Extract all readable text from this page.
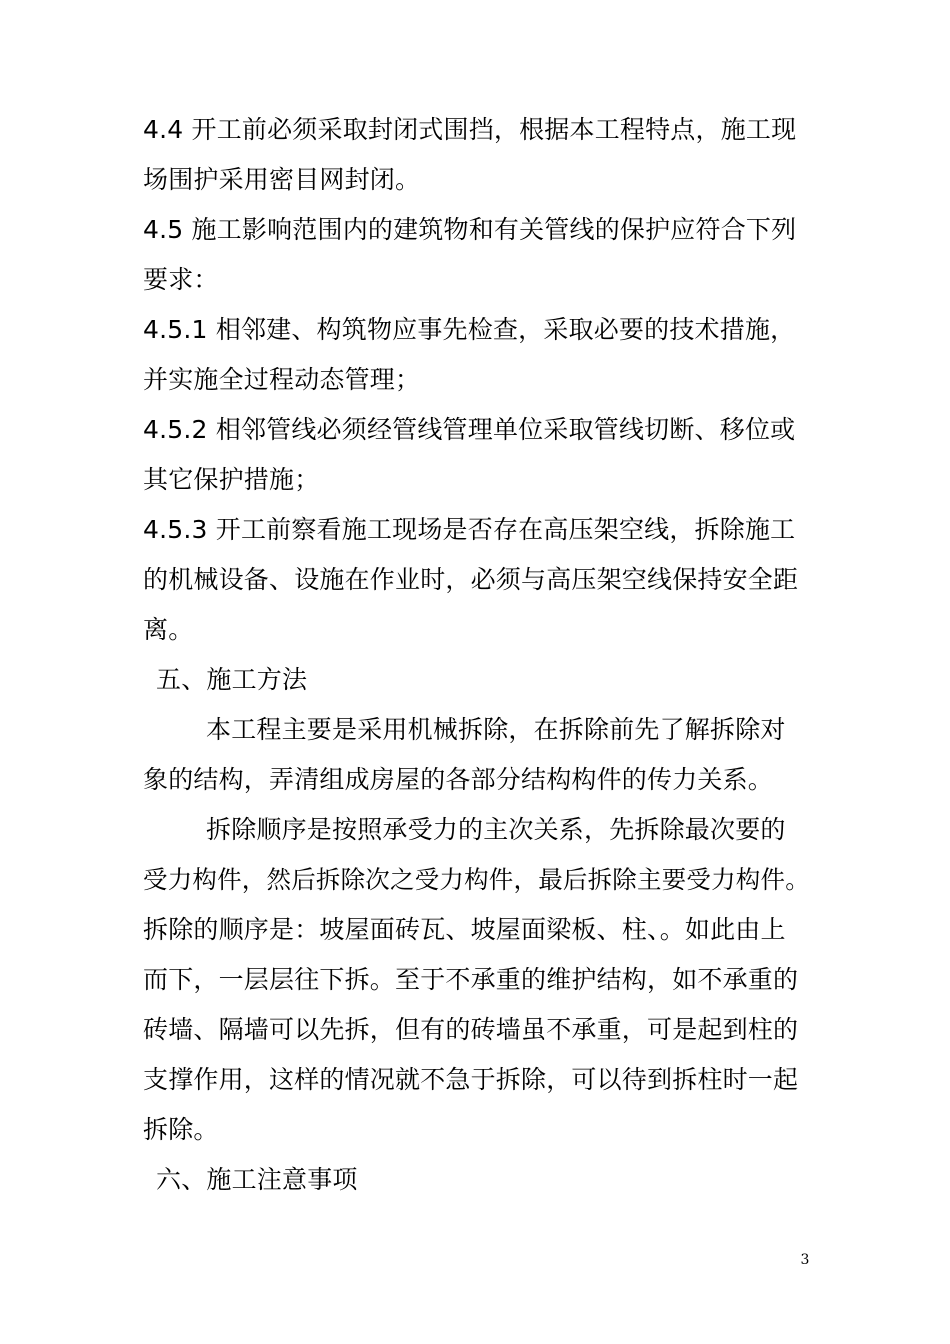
4.4 开工前必须采取封闭式围挡，根据本工程特点，施工现
场围护采用密目网封闭。
4.5 施工影响范围内的建筑物和有关管线的保护应符合下列
要求：
4.5.1 相邻建、构筑物应事先检查，采取必要的技术措施，
并实施全过程动态管理；
4.5.2 相邻管线必须经管线管理单位采取管线切断、移位或
其它保护措施；
4.5.3 开工前察看施工现场是否存在高压架空线，拆除施工
的机械设备、设施在作业时，必须与高压架空线保持安全距
离。
五、施工方法
本工程主要是采用机械拆除，在拆除前先了解拆除对
象的结构，弄清组成房屋的各部分结构构件的传力关系。
拆除顺序是按照承受力的主次关系，先拆除最次要的
受力构件，然后拆除次之受力构件，最后拆除主要受力构件。
拆除的顺序是：坡屋面砖瓦、坡屋面梁板、柱、。如此由上
而下，一层层往下拆。至于不承重的维护结构，如不承重的
砖墙、隔墙可以先拆，但有的砖墙虽不承重，可是起到柱的
支撑作用，这样的情况就不急于拆除，可以待到拆柱时一起
拆除。
六、施工注意事项
3
